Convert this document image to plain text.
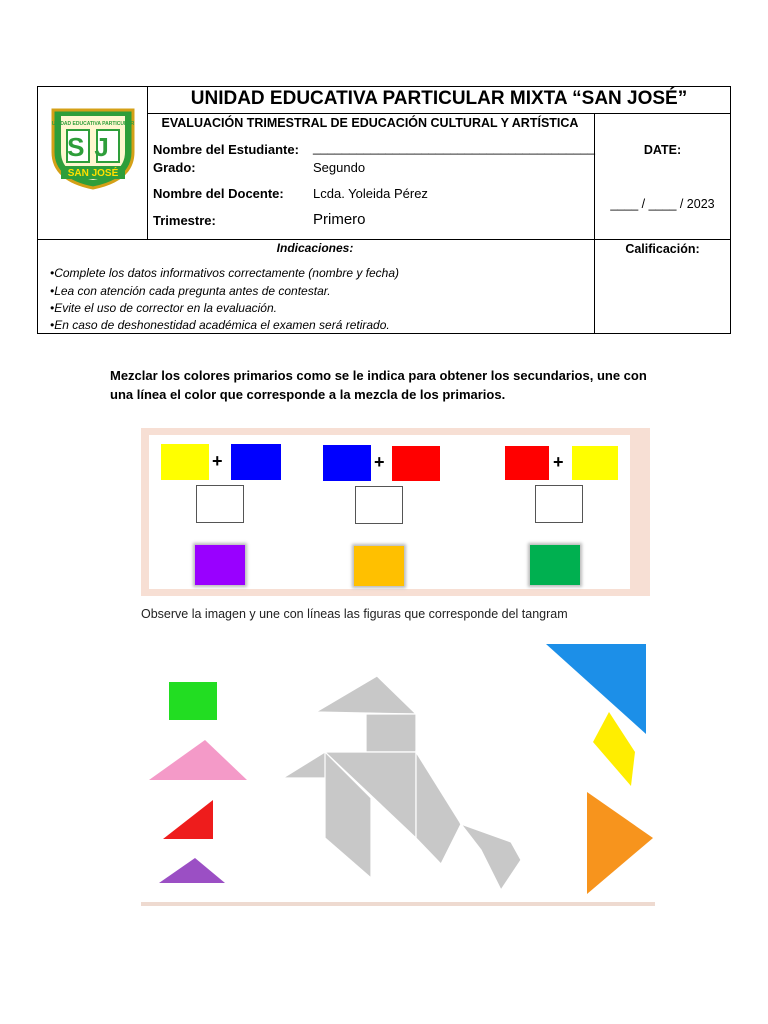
UNIDAD EDUCATIVA PARTICULAR
SJ
SAN JOSÉ
UNIDAD EDUCATIVA PARTICULAR MIXTA “SAN JOSÉ”
EVALUACIÓN TRIMESTRAL DE EDUCACIÓN CULTURAL Y ARTÍSTICA
Nombre del Estudiante: _______________________________________
Grado:	Segundo
Nombre del Docente: Lcda. Yoleida Pérez
Trimestre:	Primero
DATE:
____ / ____ / 2023
Indicaciones:
•Complete los datos informativos correctamente (nombre y fecha)
•Lea con atención cada pregunta antes de contestar.
•Evite el uso de corrector en la evaluación.
•En caso de deshonestidad académica el examen será retirado.
Calificación:
Mezclar los colores primarios como se le indica para obtener los secundarios, une con una línea el color que corresponde a la mezcla de los primarios.
+	+	+
Observe la imagen y une con líneas las figuras que corresponde del tangram
